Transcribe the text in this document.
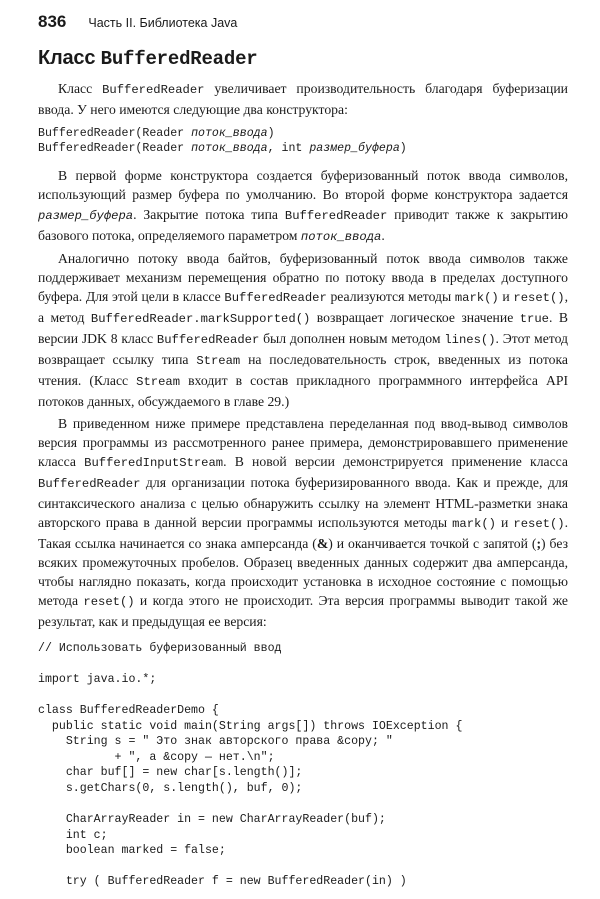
836 Часть II. Библиотека Java
Класс BufferedReader

Класс BufferedReader увеличивает производительность благодаря буферизации ввода. У него имеются следующие два конструктора:

BufferedReader(Reader поток_ввода)
BufferedReader(Reader поток_ввода, int размер_буфера)

В первой форме конструктора создается буферизованный поток ввода символов, использующий размер буфера по умолчанию. Во второй форме конструктора задается размер_буфера. Закрытие потока типа BufferedReader приводит также к закрытию базового потока, определяемого параметром поток_ввода.

Аналогично потоку ввода байтов, буферизованный поток ввода символов также поддерживает механизм перемещения обратно по потоку ввода в пределах доступного буфера. Для этой цели в классе BufferedReader реализуются методы mark() и reset(), а метод BufferedReader.markSupported() возвращает логическое значение true. В версии JDK 8 класс BufferedReader был дополнен новым методом lines(). Этот метод возвращает ссылку типа Stream на последовательность строк, введенных из потока чтения. (Класс Stream входит в состав прикладного программного интерфейса API потоков данных, обсуждаемого в главе 29.)

В приведенном ниже примере представлена переделанная под ввод-вывод символов версия программы из рассмотренного ранее примера, демонстрировавшего применение класса BufferedInputStream. В новой версии демонстрируется применение класса BufferedReader для организации потока буферизированного ввода. Как и прежде, для синтаксического анализа с целью обнаружить ссылку на элемент HTML-разметки знака авторского права в данной версии программы используются методы mark() и reset(). Такая ссылка начинается со знака амперсанда (&) и оканчивается точкой с запятой (;) без всяких промежуточных пробелов. Образец введенных данных содержит два амперсанда, чтобы наглядно показать, когда происходит установка в исходное состояние с помощью метода reset() и когда этого не происходит. Эта версия программы выводит такой же результат, как и предыдущая ее версия:

// Использовать буферизованный ввод
import java.io.*;
class BufferedReaderDemo {
public static void main(String args[]) throws IOException {
String s = " Это знак авторского права &copy; "
+ ", а &copy — нет.\n";
char buf[] = new char[s.length()];
s.getChars(0, s.length(), buf, 0);
CharArrayReader in = new CharArrayReader(buf);
int c;
boolean marked = false;
try ( BufferedReader f = new BufferedReader(in) )
